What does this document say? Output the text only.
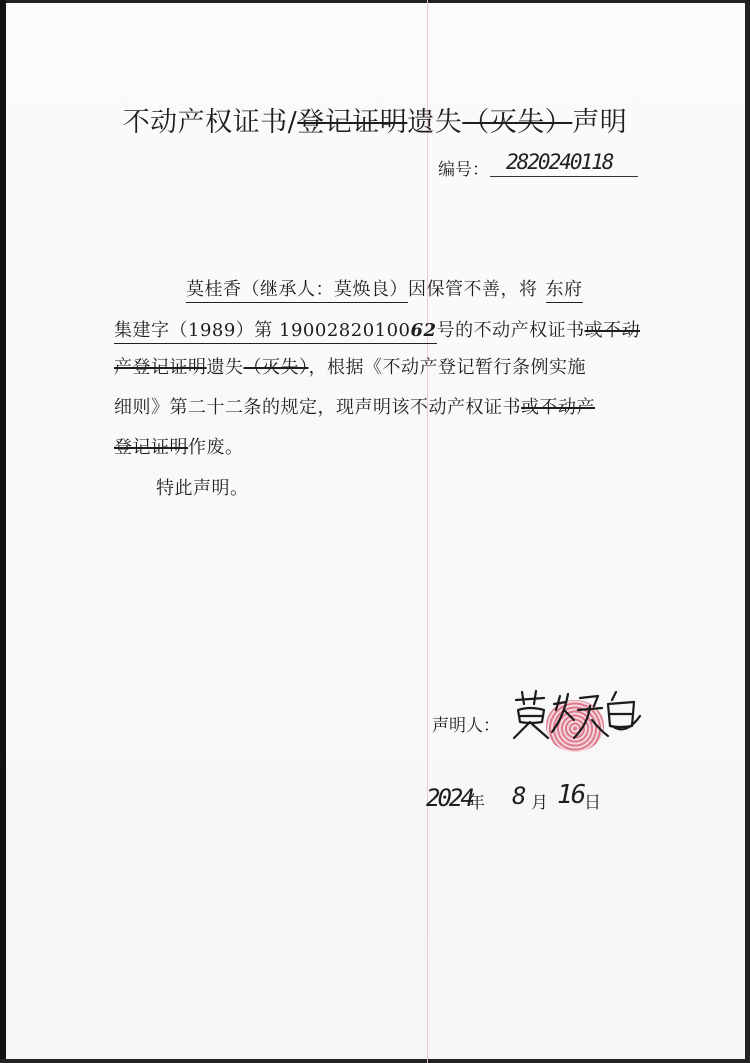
不动产权证书/登记证明遗失（灭失）声明
编号： 2820240118
莫桂香（继承人：莫焕良）因保管不善，将 东府
集建字（1989）第 1900282010062号的不动产权证书或不动
产登记证明遗失（灭失），根据《不动产登记暂行条例实施
细则》第二十二条的规定，现声明该不动产权证书或不动产
登记证明作废。
特此声明。
声明人：
2024
年 8 月 16 日
